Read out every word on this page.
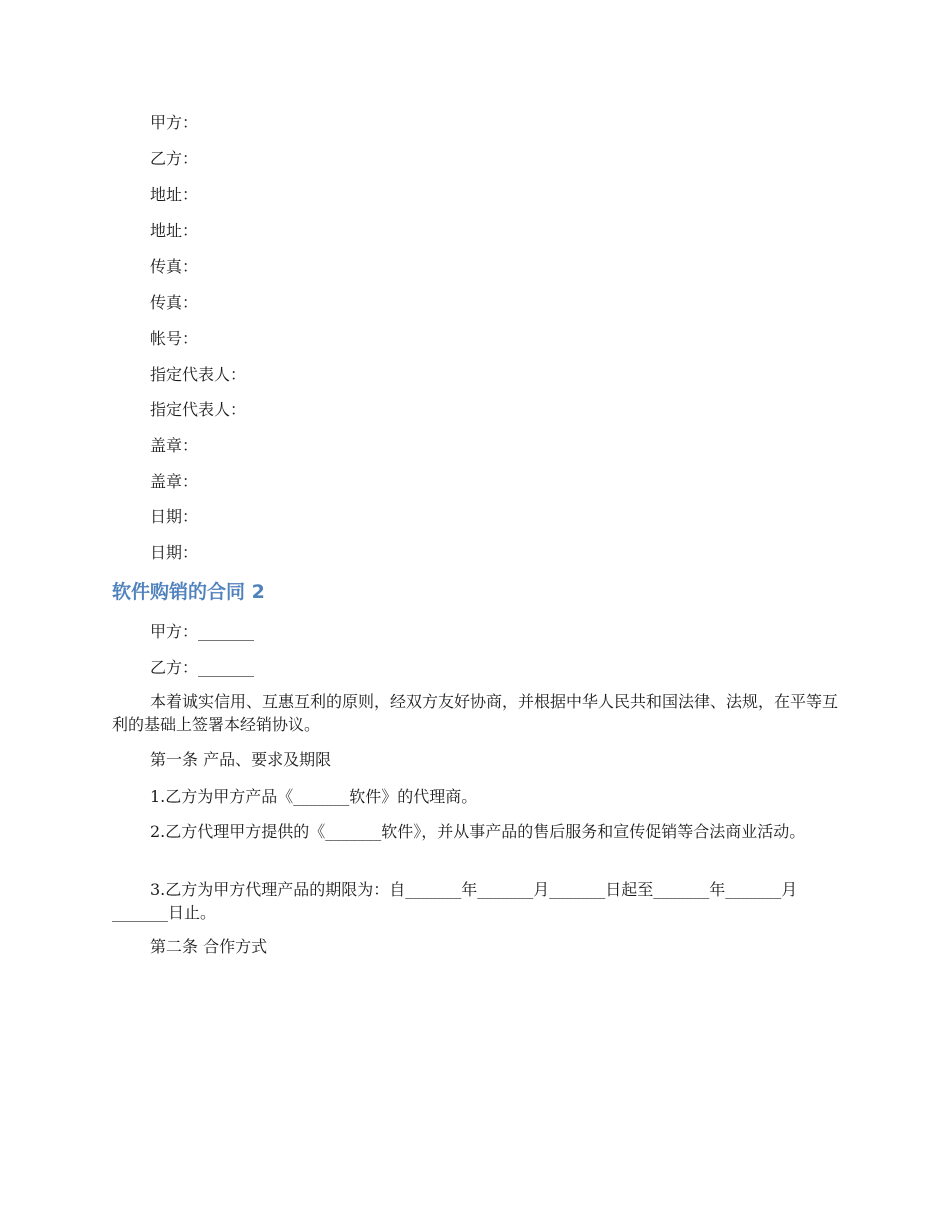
甲方：
乙方：
地址：
地址：
传真：
传真：
帐号：
指定代表人：
指定代表人：
盖章：
盖章：
日期：
日期：
软件购销的合同 2
甲方：_______
乙方：_______
本着诚实信用、互惠互利的原则，经双方友好协商，并根据中华人民共和国法律、法规，在平等互利的基础上签署本经销协议。
第一条 产品、要求及期限
1.乙方为甲方产品《_______软件》的代理商。
2.乙方代理甲方提供的《_______软件》，并从事产品的售后服务和宣传促销等合法商业活动。
3.乙方为甲方代理产品的期限为：自_______年_______月_______日起至_______年_______月_______日止。
第二条 合作方式
